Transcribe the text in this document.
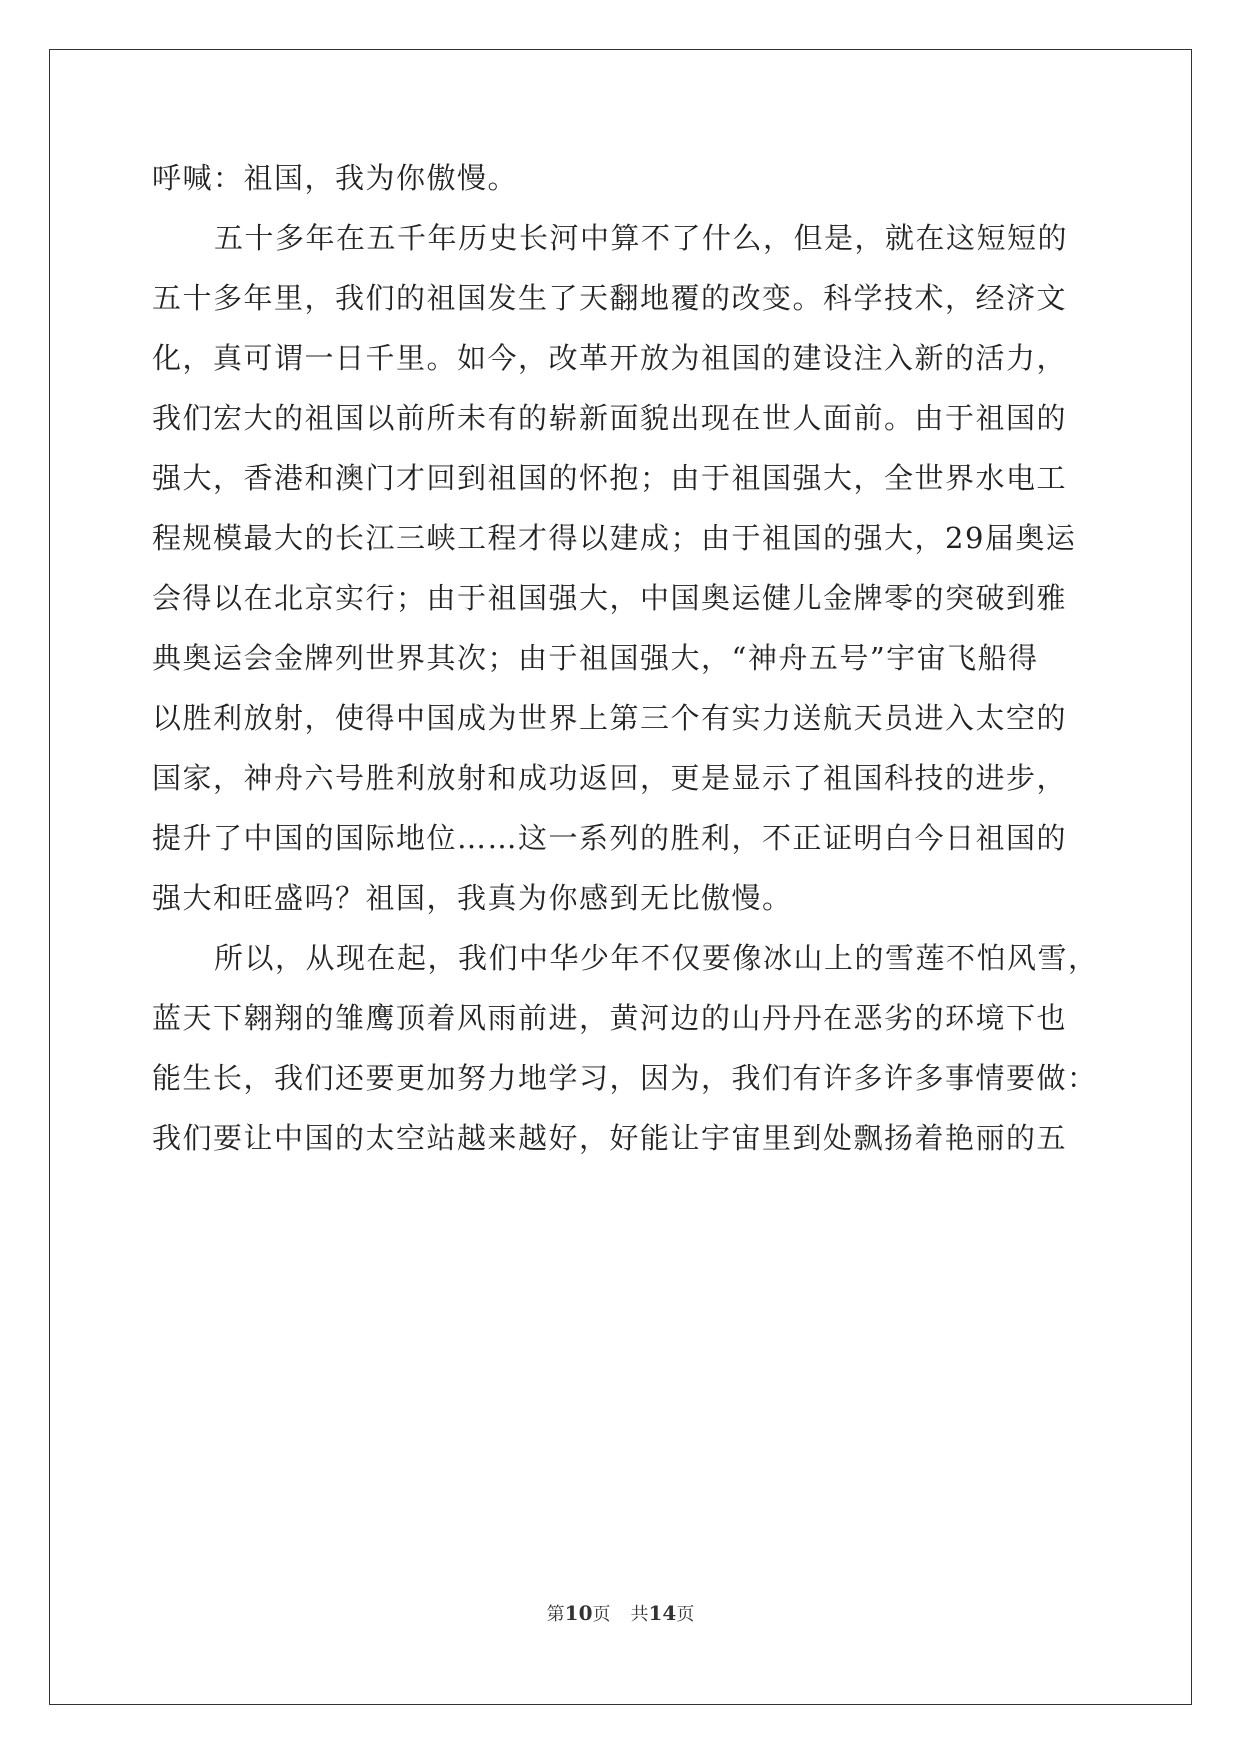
呼喊：祖国，我为你傲慢。
五十多年在五千年历史长河中算不了什么，但是，就在这短短的
五十多年里，我们的祖国发生了天翻地覆的改变。科学技术，经济文
化，真可谓一日千里。如今，改革开放为祖国的建设注入新的活力，
我们宏大的祖国以前所未有的崭新面貌出现在世人面前。由于祖国的
强大，香港和澳门才回到祖国的怀抱；由于祖国强大，全世界水电工
程规模最大的长江三峡工程才得以建成；由于祖国的强大，29届奥运
会得以在北京实行；由于祖国强大，中国奥运健儿金牌零的突破到雅
典奥运会金牌列世界其次；由于祖国强大，“神舟五号”宇宙飞船得
以胜利放射，使得中国成为世界上第三个有实力送航天员进入太空的
国家，神舟六号胜利放射和成功返回，更是显示了祖国科技的进步，
提升了中国的国际地位……这一系列的胜利，不正证明白今日祖国的
强大和旺盛吗？祖国，我真为你感到无比傲慢。
所以，从现在起，我们中华少年不仅要像冰山上的雪莲不怕风雪，
蓝天下翱翔的雏鹰顶着风雨前进，黄河边的山丹丹在恶劣的环境下也
能生长，我们还要更加努力地学习，因为，我们有许多许多事情要做：
我们要让中国的太空站越来越好，好能让宇宙里到处飘扬着艳丽的五
第10页 共14页
